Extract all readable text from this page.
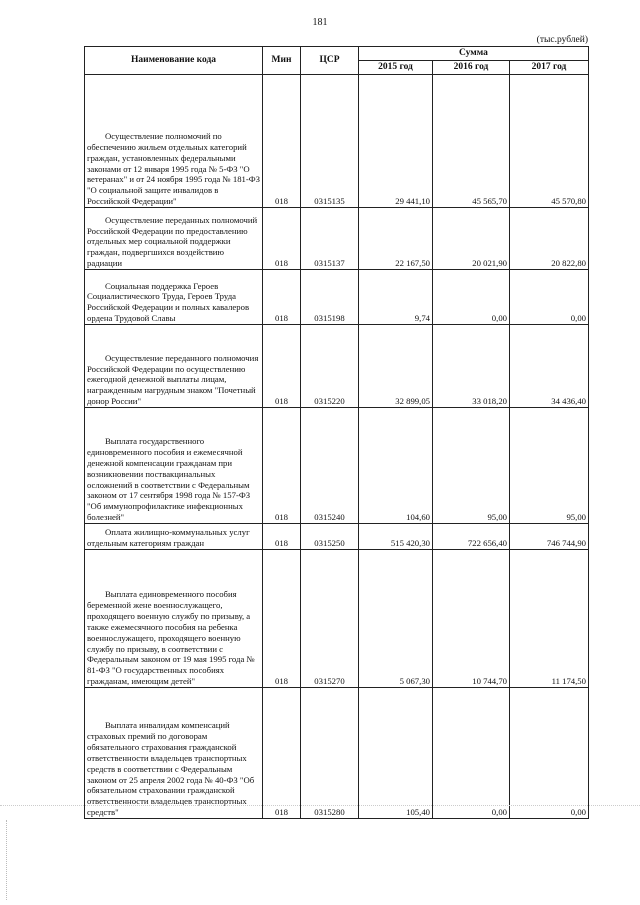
181
(тыс.рублей)
Наименование кода	Мин	ЦСР	Сумма		
			2015 год	2016 год	2017 год

Осуществление полномочий по обеспечению жильем отдельных категорий граждан, установленных федеральными законами от 12 января 1995 года № 5-ФЗ "О ветеранах" и от 24 ноября 1995 года № 181-ФЗ "О социальной защите инвалидов в Российской Федерации"	018	0315135	29 441,10	45 565,70	45 570,80

Осуществление переданных полномочий Российской Федерации по предоставлению отдельных мер социальной поддержки граждан, подвергшихся воздействию радиации	018	0315137	22 167,50	20 021,90	20 822,80

Социальная поддержка Героев Социалистического Труда, Героев Труда Российской Федерации и полных кавалеров ордена Трудовой Славы	018	0315198	9,74	0,00	0,00

Осуществление переданного полномочия Российской Федерации по осуществлению ежегодной денежной выплаты лицам, награжденным нагрудным знаком "Почетный донор России"	018	0315220	32 899,05	33 018,20	34 436,40

Выплата государственного единовременного пособия и ежемесячной денежной компенсации гражданам при возникновении поствакцинальных осложнений в соответствии с Федеральным законом от 17 сентября 1998 года № 157-ФЗ "Об иммунопрофилактике инфекционных болезней"	018	0315240	104,60	95,00	95,00

Оплата жилищно-коммунальных услуг отдельным категориям граждан	018	0315250	515 420,30	722 656,40	746 744,90

Выплата единовременного пособия беременной жене военнослужащего, проходящего военную службу по призыву, а также ежемесячного пособия на ребенка военнослужащего, проходящего военную службу по призыву, в соответствии с Федеральным законом от 19 мая 1995 года № 81-ФЗ "О государственных пособиях гражданам, имеющим детей"	018	0315270	5 067,30	10 744,70	11 174,50

Выплата инвалидам компенсаций страховых премий по договорам обязательного страхования гражданской ответственности владельцев транспортных средств в соответствии с Федеральным законом от 25 апреля 2002 года № 40-ФЗ "Об обязательном страховании гражданской ответственности владельцев транспортных средств"	018	0315280	105,40	0,00	0,00
